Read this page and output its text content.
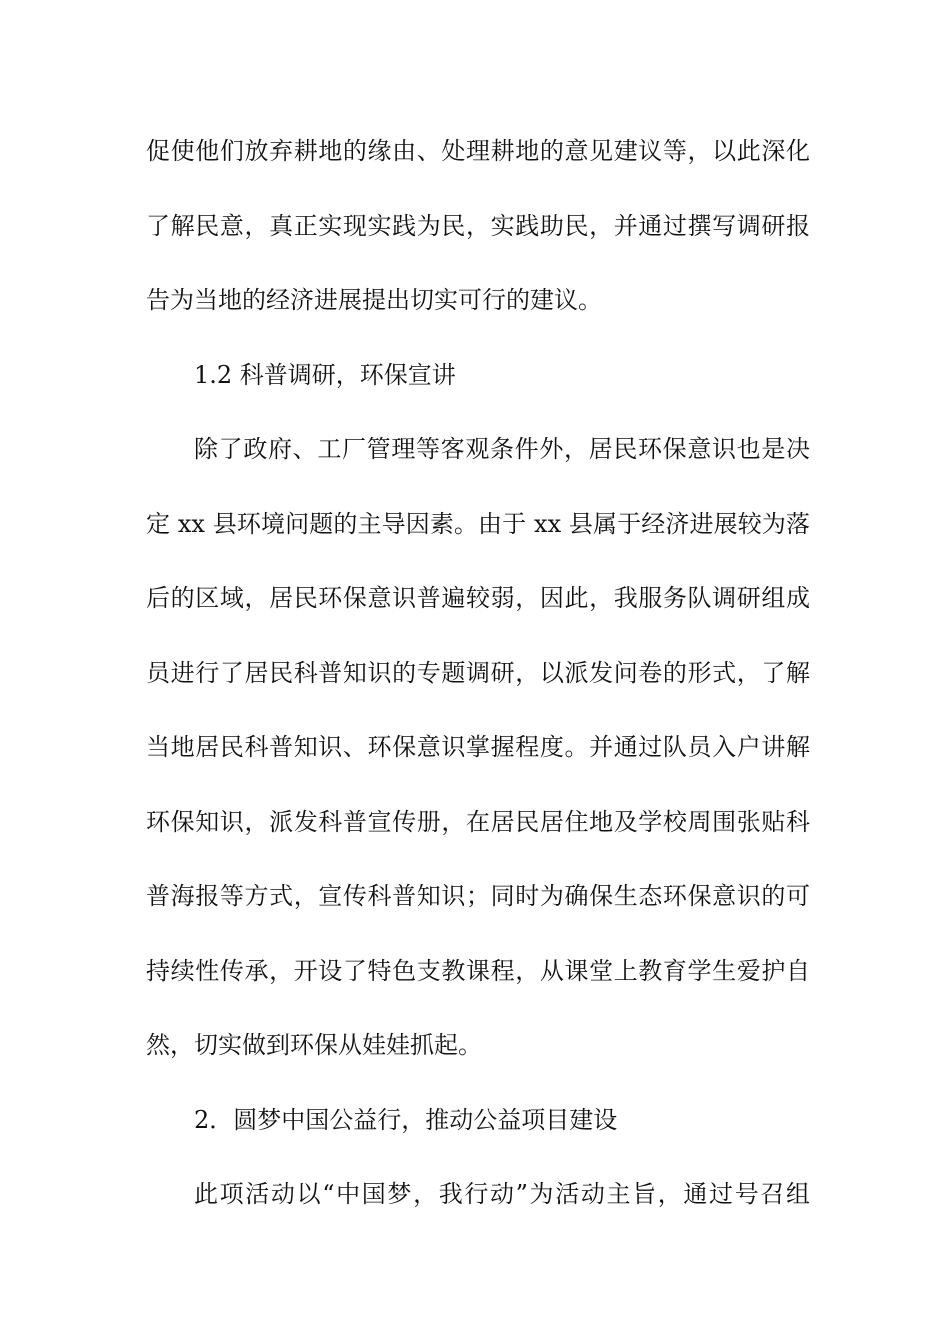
促使他们放弃耕地的缘由、处理耕地的意见建议等，以此深化
了解民意，真正实现实践为民，实践助民，并通过撰写调研报
告为当地的经济进展提出切实可行的建议。
1.2 科普调研，环保宣讲
除了政府、工厂管理等客观条件外，居民环保意识也是决
定 xx 县环境问题的主导因素。由于 xx 县属于经济进展较为落
后的区域，居民环保意识普遍较弱，因此，我服务队调研组成
员进行了居民科普知识的专题调研，以派发问卷的形式，了解
当地居民科普知识、环保意识掌握程度。并通过队员入户讲解
环保知识，派发科普宣传册，在居民居住地及学校周围张贴科
普海报等方式，宣传科普知识；同时为确保生态环保意识的可
持续性传承，开设了特色支教课程，从课堂上教育学生爱护自
然，切实做到环保从娃娃抓起。
2．圆梦中国公益行，推动公益项目建设
此项活动以“中国梦，我行动”为活动主旨，通过号召组
